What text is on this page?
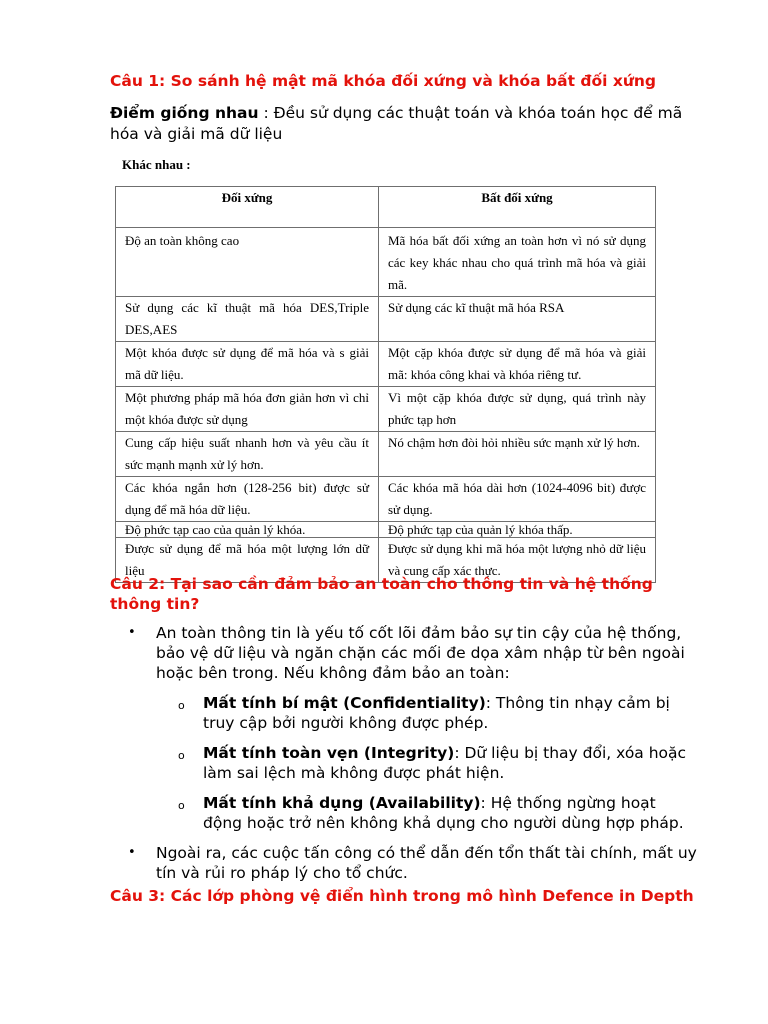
Câu 1: So sánh hệ mật mã khóa đối xứng và khóa bất đối xứng

Điểm giống nhau : Đều sử dụng các thuật toán và khóa toán học để mã hóa và giải mã dữ liệu

Khác nhau :

Đối xứng	Bất đối xứng
Độ an toàn không cao	Mã hóa bất đối xứng an toàn hơn vì nó sử dụng các key khác nhau cho quá trình mã hóa và giải mã.
Sử dụng các kĩ thuật mã hóa DES,Triple DES,AES	Sử dụng các kĩ thuật mã hóa RSA
Một khóa được sử dụng để mã hóa và s giải mã dữ liệu.	Một cặp khóa được sử dụng để mã hóa và giải mã: khóa công khai và khóa riêng tư.
Một phương pháp mã hóa đơn giản hơn vì chỉ một khóa được sử dụng	Vì một cặp khóa được sử dụng, quá trình này phức tạp hơn
Cung cấp hiệu suất nhanh hơn và yêu cầu ít sức mạnh mạnh xử lý hơn.	Nó chậm hơn đòi hỏi nhiều sức mạnh xử lý hơn.
Các khóa ngắn hơn (128-256 bit) được sử dụng để mã hóa dữ liệu.	Các khóa mã hóa dài hơn (1024-4096 bit) được sử dụng.
Độ phức tạp cao của quản lý khóa.	Độ phức tạp của quản lý khóa thấp.
Được sử dụng để mã hóa một lượng lớn dữ liệu	Được sử dụng khi mã hóa một lượng nhỏ dữ liệu và cung cấp xác thực.

Câu 2: Tại sao cần đảm bảo an toàn cho thông tin và hệ thống thông tin?

• An toàn thông tin là yếu tố cốt lõi đảm bảo sự tin cậy của hệ thống, bảo vệ dữ liệu và ngăn chặn các mối đe dọa xâm nhập từ bên ngoài hoặc bên trong. Nếu không đảm bảo an toàn:
o Mất tính bí mật (Confidentiality): Thông tin nhạy cảm bị truy cập bởi người không được phép.
o Mất tính toàn vẹn (Integrity): Dữ liệu bị thay đổi, xóa hoặc làm sai lệch mà không được phát hiện.
o Mất tính khả dụng (Availability): Hệ thống ngừng hoạt động hoặc trở nên không khả dụng cho người dùng hợp pháp.
• Ngoài ra, các cuộc tấn công có thể dẫn đến tổn thất tài chính, mất uy tín và rủi ro pháp lý cho tổ chức.

Câu 3: Các lớp phòng vệ điển hình trong mô hình Defence in Depth
